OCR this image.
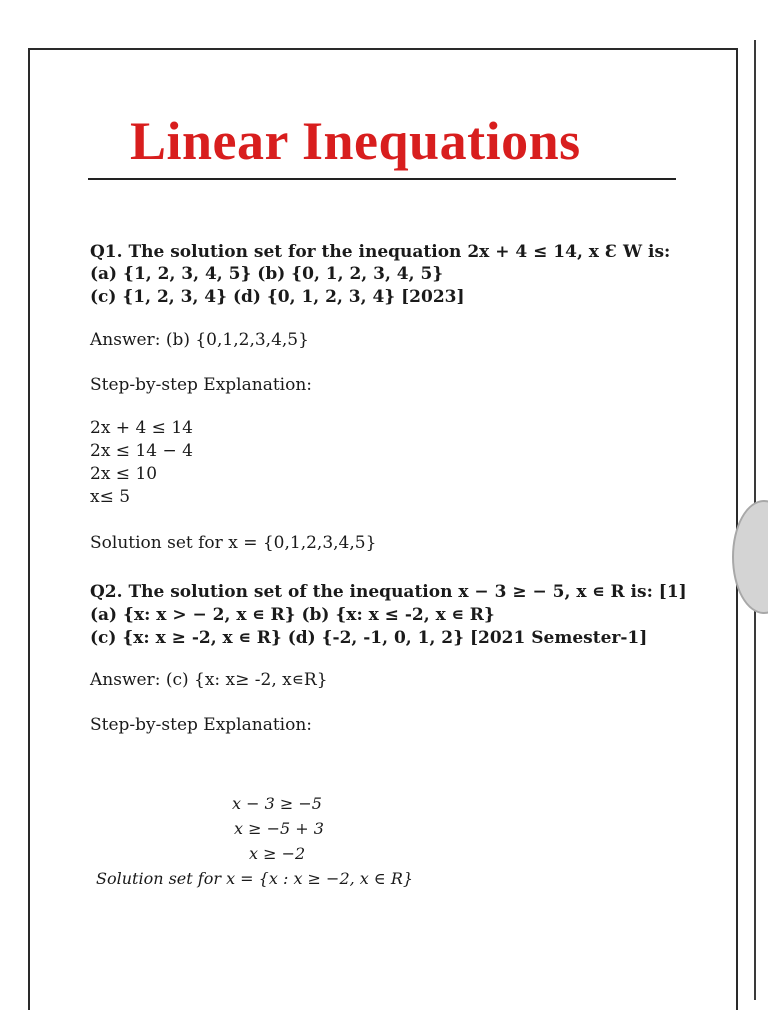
Linear Inequations

Q1. The solution set for the inequation 2x + 4 ≤ 14, x Ɛ W is:

(a) {1, 2, 3, 4, 5} (b) {0, 1, 2, 3, 4, 5}

(c) {1, 2, 3, 4} (d) {0, 1, 2, 3, 4} [2023]

Answer: (b) {0,1,2,3,4,5}

Step-by-step Explanation:

2x + 4 ≤ 14

2x ≤ 14 − 4

2x ≤ 10

x≤ 5

Solution set for x = {0,1,2,3,4,5}

Q2. The solution set of the inequation x − 3 ≥ − 5, x ∊ R is: [1]

(a) {x: x > − 2, x ∊ R} (b) {x: x ≤ -2, x ∊ R}

(c) {x: x ≥ -2, x ∊ R} (d) {-2, -1, 0, 1, 2} [2021 Semester-1]

Answer: (c) {x: x≥ -2, x∊R}

Step-by-step Explanation:

x − 3 ≥ −5

x ≥ −5 + 3

x ≥ −2

Solution set for x = {x : x ≥ −2, x ∈ R}
